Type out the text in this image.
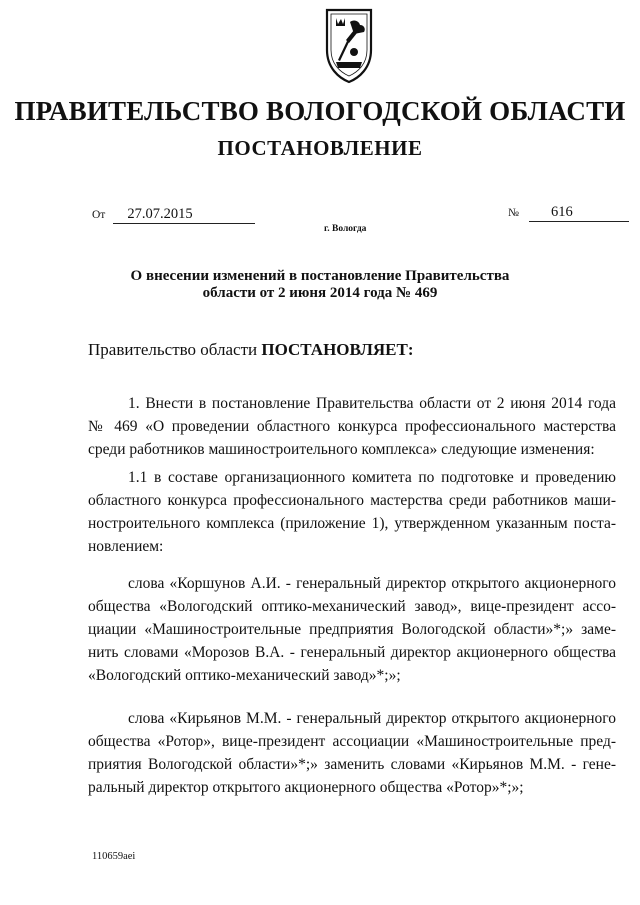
ПРАВИТЕЛЬСТВО ВОЛОГОДСКОЙ ОБЛАСТИ
ПОСТАНОВЛЕНИЕ
От 27.07.2015	№ 616
г. Вологда
О внесении изменений в постановление Правительства
области от 2 июня 2014 года № 469
Правительство области ПОСТАНОВЛЯЕТ:
1. Внести в постановление Правительства области от 2 июня 2014 года
№ 469 «О проведении областного конкурса профессионального мастерства
среди работников машиностроительного комплекса» следующие изменения:
1.1 в составе организационного комитета по подготовке и проведению
областного конкурса профессионального мастерства среди работников маши-
ностроительного комплекса (приложение 1), утвержденном указанным поста-
новлением:
слова «Коршунов А.И. - генеральный директор открытого акционерного
общества «Вологодский оптико-механический завод», вице-президент ассо-
циации «Машиностроительные предприятия Вологодской области»*;» заме-
нить словами «Морозов В.А. - генеральный директор акционерного общества
«Вологодский оптико-механический завод»*;»;
слова «Кирьянов М.М. - генеральный директор открытого акционерного
общества «Ротор», вице-президент ассоциации «Машиностроительные пред-
приятия Вологодской области»*;» заменить словами «Кирьянов М.М. - гене-
ральный директор открытого акционерного общества «Ротор»*;»;
110659aei
